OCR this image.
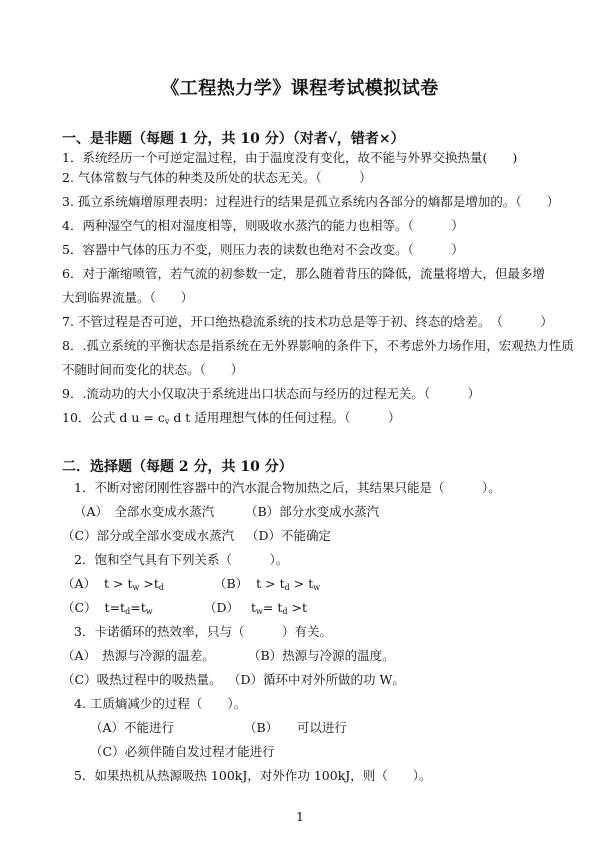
《工程热力学》课程考试模拟试卷
一、是非题（每题 1 分，共 10 分）（对者√，错者×）
1．系统经历一个可逆定温过程，由于温度没有变化，故不能与外界交换热量(　　)
2. 气体常数与气体的种类及所处的状态无关。（　　　）
3. 孤立系统熵增原理表明：过程进行的结果是孤立系统内各部分的熵都是增加的。（　　）
4．两种湿空气的相对湿度相等，则吸收水蒸汽的能力也相等。（　　　）
5．容器中气体的压力不变，则压力表的读数也绝对不会改变。（　　　）
6．对于渐缩喷管，若气流的初参数一定，那么随着背压的降低，流量将增大，但最多增
大到临界流量。（　　）
7. 不管过程是否可逆，开口绝热稳流系统的技术功总是等于初、终态的焓差。　（　　　）
8．.孤立系统的平衡状态是指系统在无外界影响的条件下，不考虑外力场作用，宏观热力性质
不随时间而变化的状态。（　　）
9．.流动功的大小仅取决于系统进出口状态而与经历的过程无关。（　　　）
10．公式 d $u = c_v$ d t 适用理想气体的任何过程。（　　　）
二．选择题（每题 2 分，共 10 分）
1．不断对密闭刚性容器中的汽水混合物加热之后，其结果只能是（　　　）。
（A）　全部水变成水蒸汽 （B）部分水变成水蒸汽
（C）部分或全部水变成水蒸汽 （D）不能确定
2．饱和空气具有下列关系（　　　）。
（A） $t > t_w >t_d$	（B） $t > t_d > t_w$
（C） $t=t_d=t_w$	（D） $t_w= t_d >t$
3．卡诺循环的热效率，只与（　　　）有关。
（A）　热源与冷源的温差。	（B）热源与冷源的温度。
（C）吸热过程中的吸热量。 （D）循环中对外所做的功 W。
4. 工质熵减少的过程（　　）。
（A）不能进行	（B）　　可以进行
（C）必须伴随自发过程才能进行
5．如果热机从热源吸热 100kJ，对外作功 100kJ，则（　　）。
1
